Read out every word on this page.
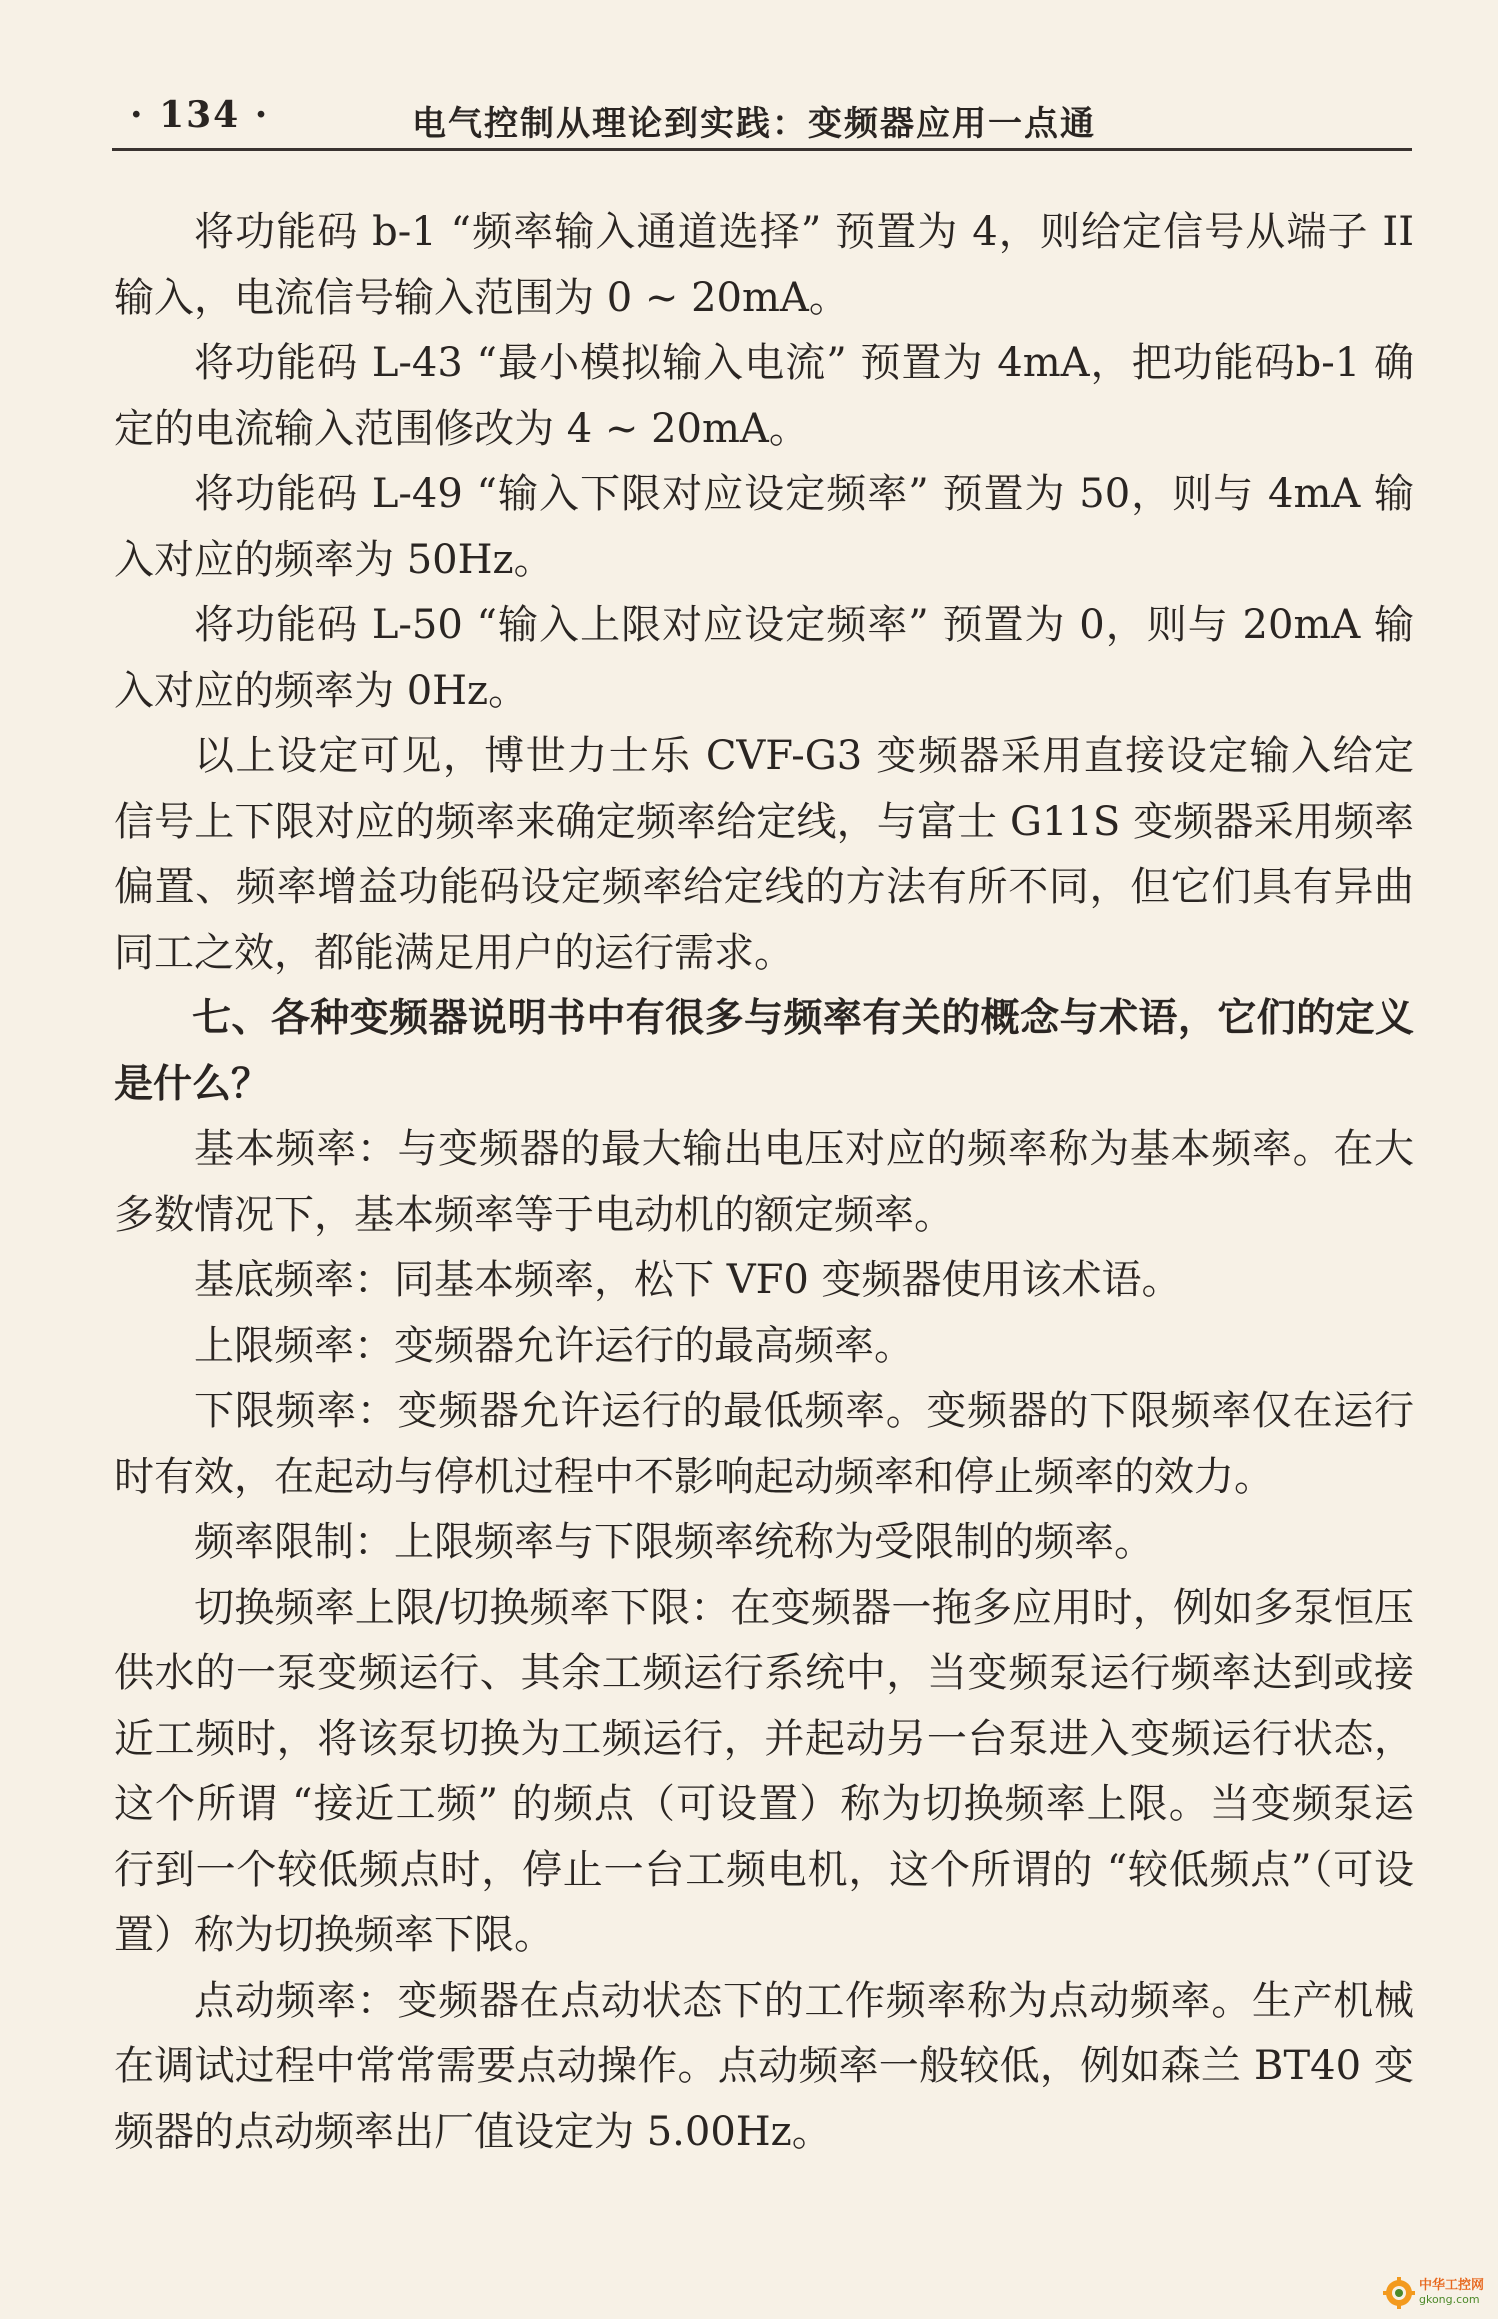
· 134 ·	电气控制从理论到实践：变频器应用一点通

将功能码 b-1 “频率输入通道选择” 预置为 4，则给定信号从端子 II 输入，电流信号输入范围为 0 ~ 20mA。

将功能码 L-43 “最小模拟输入电流” 预置为 4mA，把功能码b-1 确定的电流输入范围修改为 4 ~ 20mA。

将功能码 L-49 “输入下限对应设定频率” 预置为 50，则与 4mA 输入对应的频率为 50Hz。

将功能码 L-50 “输入上限对应设定频率” 预置为 0，则与 20mA 输入对应的频率为 0Hz。

以上设定可见，博世力士乐 CVF-G3 变频器采用直接设定输入给定信号上下限对应的频率来确定频率给定线，与富士 G11S 变频器采用频率偏置、频率增益功能码设定频率给定线的方法有所不同，但它们具有异曲同工之效，都能满足用户的运行需求。

七、各种变频器说明书中有很多与频率有关的概念与术语，它们的定义是什么？

基本频率：与变频器的最大输出电压对应的频率称为基本频率。在大多数情况下，基本频率等于电动机的额定频率。

基底频率：同基本频率，松下 VF0 变频器使用该术语。

上限频率：变频器允许运行的最高频率。

下限频率：变频器允许运行的最低频率。变频器的下限频率仅在运行时有效，在起动与停机过程中不影响起动频率和停止频率的效力。

频率限制：上限频率与下限频率统称为受限制的频率。

切换频率上限/切换频率下限：在变频器一拖多应用时，例如多泵恒压供水的一泵变频运行、其余工频运行系统中，当变频泵运行频率达到或接近工频时，将该泵切换为工频运行，并起动另一台泵进入变频运行状态，这个所谓 “接近工频” 的频点（可设置）称为切换频率上限。当变频泵运行到一个较低频点时，停止一台工频电机，这个所谓的 “较低频点”（可设置）称为切换频率下限。

点动频率：变频器在点动状态下的工作频率称为点动频率。生产机械在调试过程中常常需要点动操作。点动频率一般较低，例如森兰 BT40 变频器的点动频率出厂值设定为 5.00Hz。

中华工控网
gkong.com
